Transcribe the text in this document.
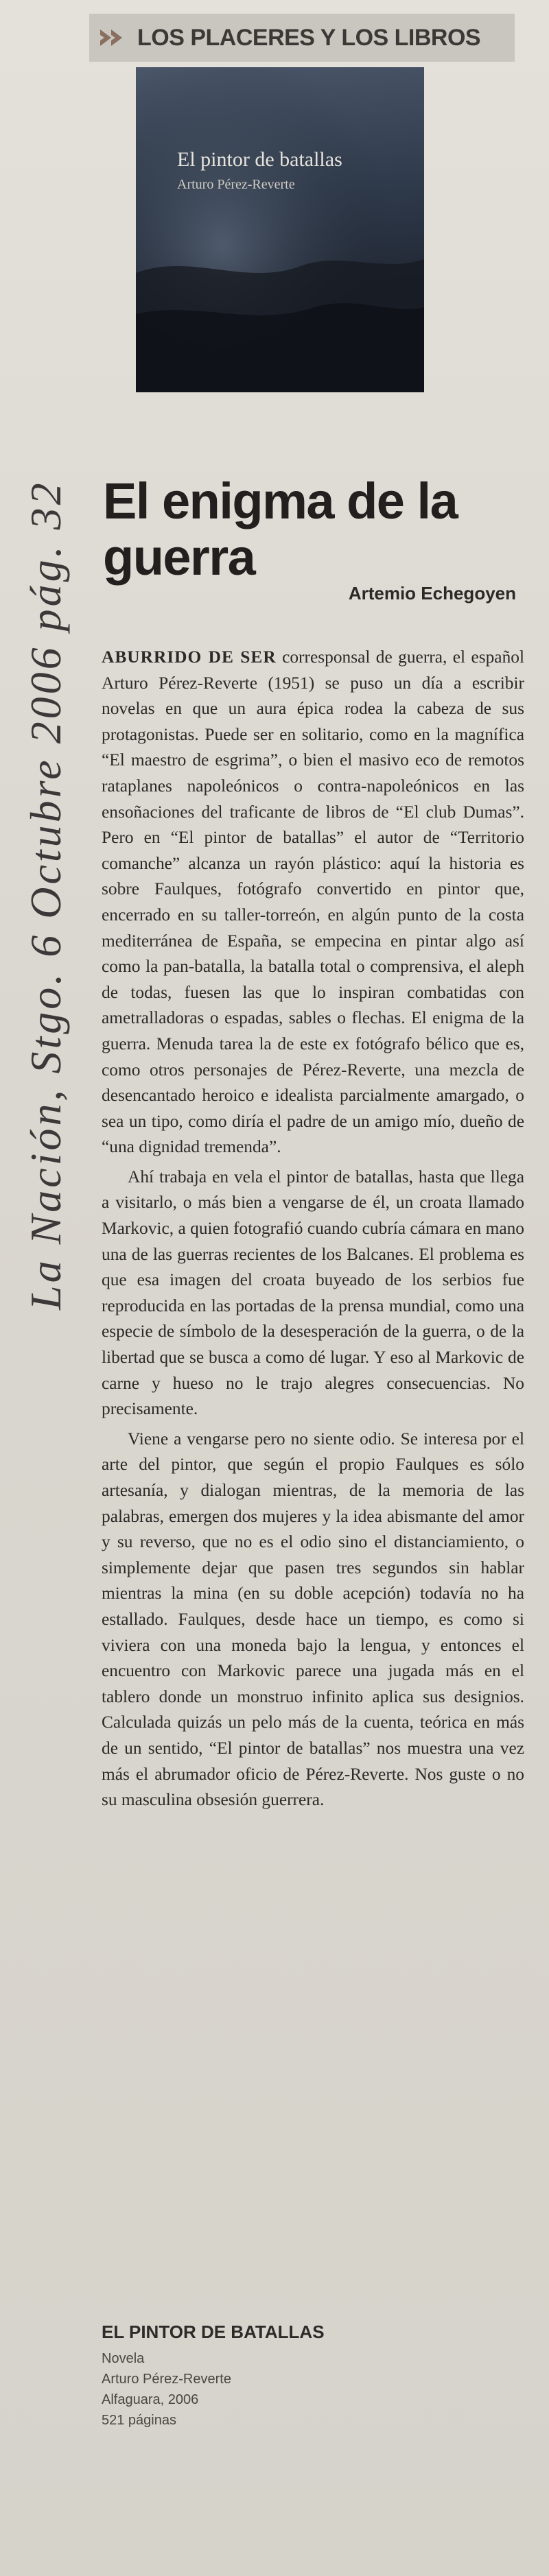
La Nación, Stgo. 6 Octubre 2006 pág. 32
LOS PLACERES Y LOS LIBROS
El pintor de batallas
Arturo Pérez-Reverte
El enigma de la guerra
Artemio Echegoyen

ABURRIDO DE SER corresponsal de guerra, el español Arturo Pérez-Reverte (1951) se puso un día a escribir novelas en que un aura épica rodea la cabeza de sus protagonistas. Puede ser en solitario, como en la magnífica “El maestro de esgrima”, o bien el masivo eco de remotos rataplanes napoleónicos o contra-napoleónicos en las ensoñaciones del traficante de libros de “El club Dumas”. Pero en “El pintor de batallas” el autor de “Territorio comanche” alcanza un rayón plástico: aquí la historia es sobre Faulques, fotógrafo convertido en pintor que, encerrado en su taller-torreón, en algún punto de la costa mediterránea de España, se empecina en pintar algo así como la pan-batalla, la batalla total o comprensiva, el aleph de todas, fuesen las que lo inspiran combatidas con ametralladoras o espadas, sables o flechas. El enigma de la guerra. Menuda tarea la de este ex fotógrafo bélico que es, como otros personajes de Pérez-Reverte, una mezcla de desencantado heroico e idealista parcialmente amargado, o sea un tipo, como diría el padre de un amigo mío, dueño de “una dignidad tremenda”.

Ahí trabaja en vela el pintor de batallas, hasta que llega a visitarlo, o más bien a vengarse de él, un croata llamado Markovic, a quien fotografió cuando cubría cámara en mano una de las guerras recientes de los Balcanes. El problema es que esa imagen del croata buyeado de los serbios fue reproducida en las portadas de la prensa mundial, como una especie de símbolo de la desesperación de la guerra, o de la libertad que se busca a como dé lugar. Y eso al Markovic de carne y hueso no le trajo alegres consecuencias. No precisamente.

Viene a vengarse pero no siente odio. Se interesa por el arte del pintor, que según el propio Faulques es sólo artesanía, y dialogan mientras, de la memoria de las palabras, emergen dos mujeres y la idea abismante del amor y su reverso, que no es el odio sino el distanciamiento, o simplemente dejar que pasen tres segundos sin hablar mientras la mina (en su doble acepción) todavía no ha estallado. Faulques, desde hace un tiempo, es como si viviera con una moneda bajo la lengua, y entonces el encuentro con Markovic parece una jugada más en el tablero donde un monstruo infinito aplica sus designios. Calculada quizás un pelo más de la cuenta, teórica en más de un sentido, “El pintor de batallas” nos muestra una vez más el abrumador oficio de Pérez-Reverte. Nos guste o no su masculina obsesión guerrera.

EL PINTOR DE BATALLAS
Novela
Arturo Pérez-Reverte
Alfaguara, 2006
521 páginas
